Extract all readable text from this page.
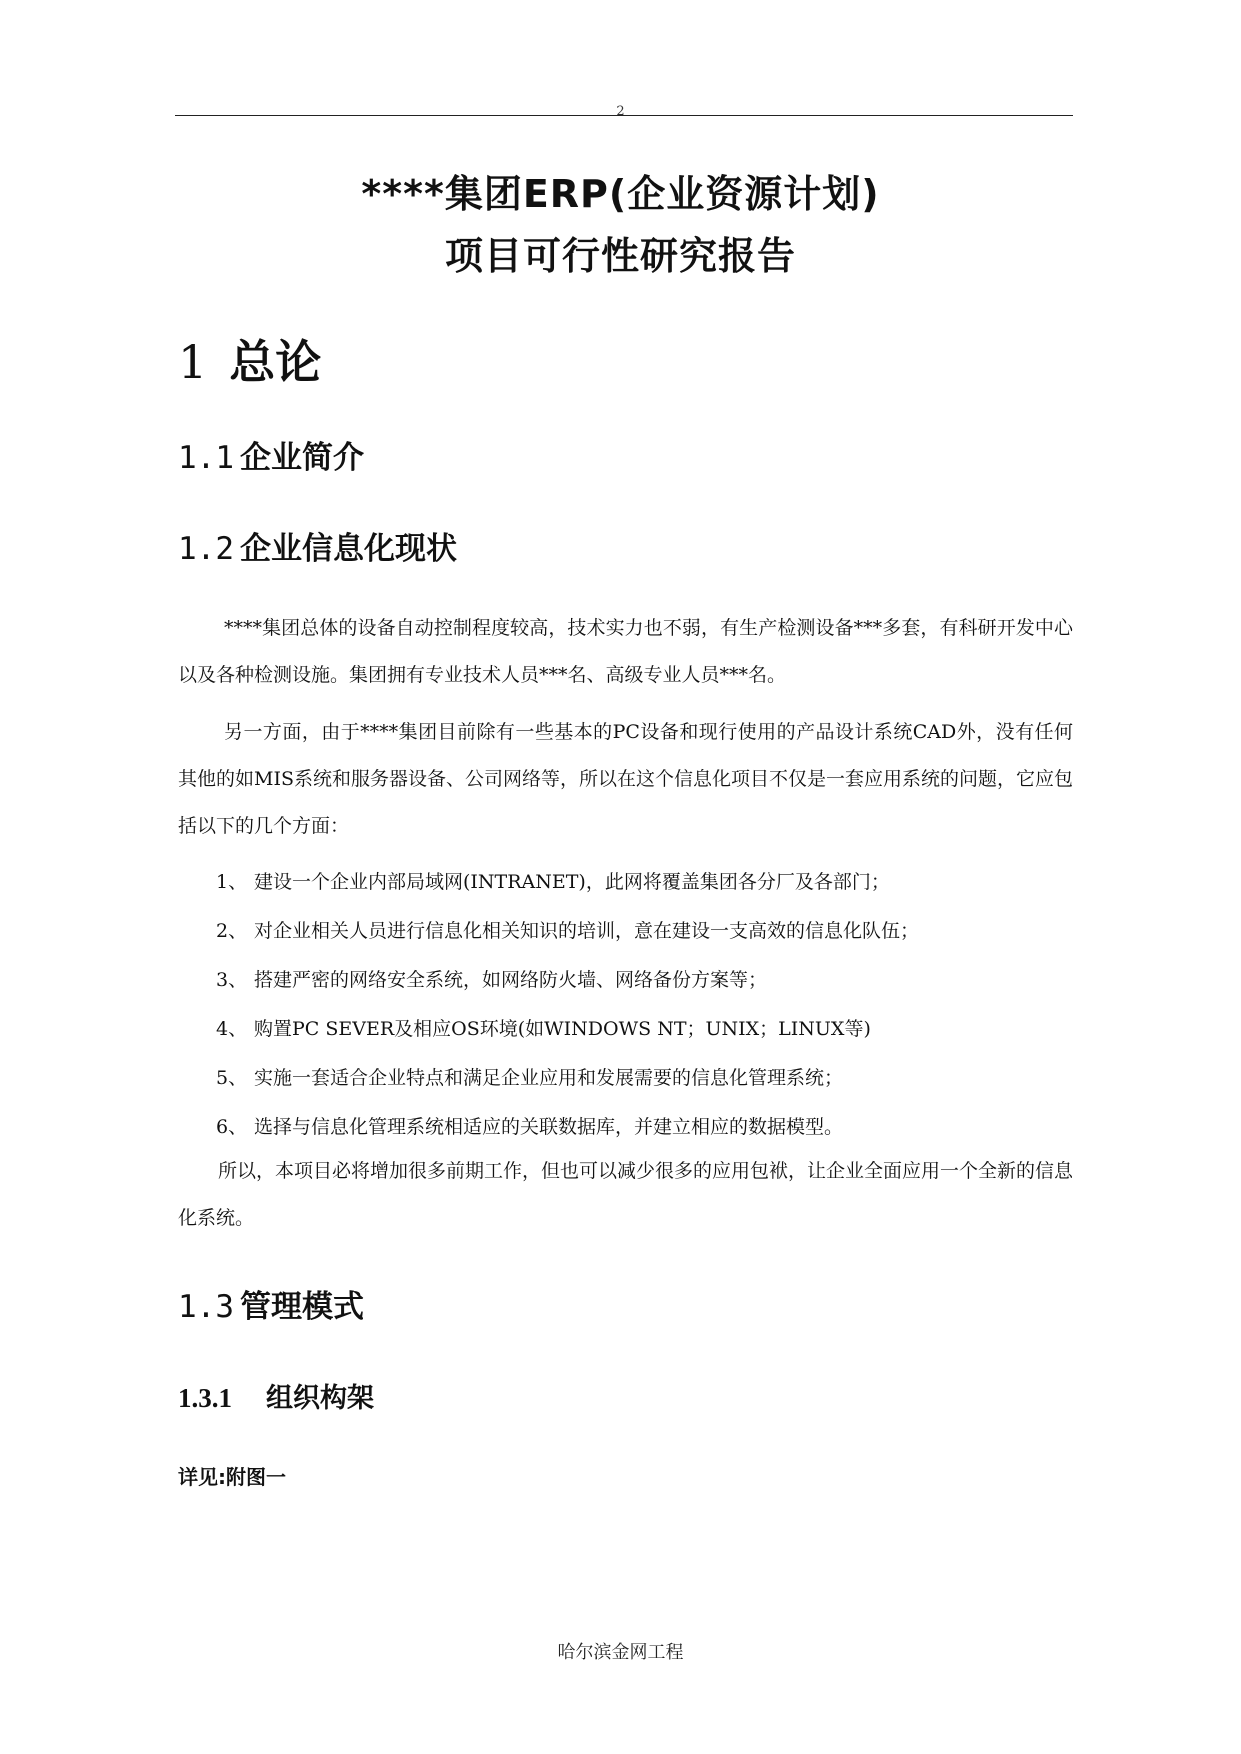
2
****集团ERP(企业资源计划)
项目可行性研究报告
1 总论
1.1 企业简介
1.2 企业信息化现状
****集团总体的设备自动控制程度较高，技术实力也不弱，有生产检测设备***多套，有科研开发中心以及各种检测设施。集团拥有专业技术人员***名、高级专业人员***名。
另一方面，由于****集团目前除有一些基本的PC设备和现行使用的产品设计系统CAD外，没有任何其他的如MIS系统和服务器设备、公司网络等，所以在这个信息化项目不仅是一套应用系统的问题，它应包括以下的几个方面：
1、 建设一个企业内部局域网(INTRANET)，此网将覆盖集团各分厂及各部门；
2、 对企业相关人员进行信息化相关知识的培训，意在建设一支高效的信息化队伍；
3、 搭建严密的网络安全系统，如网络防火墙、网络备份方案等；
4、 购置PC SEVER及相应OS环境(如WINDOWS NT；UNIX；LINUX等)
5、 实施一套适合企业特点和满足企业应用和发展需要的信息化管理系统；
6、 选择与信息化管理系统相适应的关联数据库，并建立相应的数据模型。
所以，本项目必将增加很多前期工作，但也可以减少很多的应用包袱，让企业全面应用一个全新的信息化系统。
1.3 管理模式
1.3.1 组织构架
详见:附图一
哈尔滨金网工程
